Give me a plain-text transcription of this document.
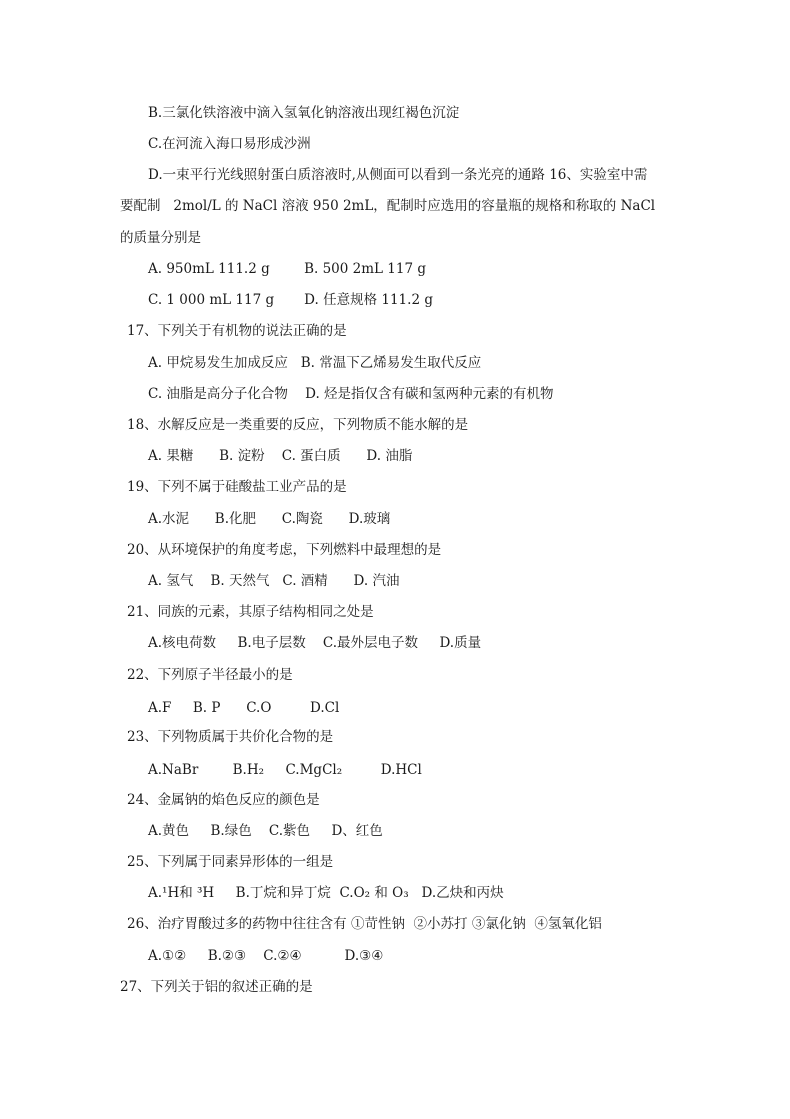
B.三氯化铁溶液中滴入氢氧化钠溶液出现红褐色沉淀
C.在河流入海口易形成沙洲
D.一束平行光线照射蛋白质溶液时,从侧面可以看到一条光亮的通路 16、实验室中需
要配制   2mol/L 的 NaCl 溶液 950 2mL，配制时应选用的容量瓶的规格和称取的 NaCl
的质量分别是
A. 950mL 111.2 g        B. 500 2mL 117 g
C. 1 000 mL 117 g       D. 任意规格 111.2 g
17、下列关于有机物的说法正确的是
A. 甲烷易发生加成反应   B. 常温下乙烯易发生取代反应
C. 油脂是高分子化合物    D. 烃是指仅含有碳和氢两种元素的有机物
18、水解反应是一类重要的反应，下列物质不能水解的是
A. 果糖      B. 淀粉    C. 蛋白质      D. 油脂
19、下列不属于硅酸盐工业产品的是
A.水泥      B.化肥      C.陶瓷      D.玻璃
20、从环境保护的角度考虑，下列燃料中最理想的是
A. 氢气    B. 天然气   C. 酒精      D. 汽油
21、同族的元素，其原子结构相同之处是
A.核电荷数     B.电子层数    C.最外层电子数     D.质量
22、下列原子半径最小的是
A.F     B. P      C.O         D.Cl
23、下列物质属于共价化合物的是
A.NaBr        B.H₂     C.MgCl₂         D.HCl
24、金属钠的焰色反应的颜色是
A.黄色     B.绿色    C.紫色     D、红色
25、下列属于同素异形体的一组是
A.¹H和 ³H     B.丁烷和异丁烷  C.O₂ 和 O₃   D.乙炔和丙炔
26、治疗胃酸过多的药物中往往含有 ①苛性钠  ②小苏打 ③氯化钠  ④氢氧化铝
A.①②     B.②③    C.②④          D.③④
27、下列关于铝的叙述正确的是
